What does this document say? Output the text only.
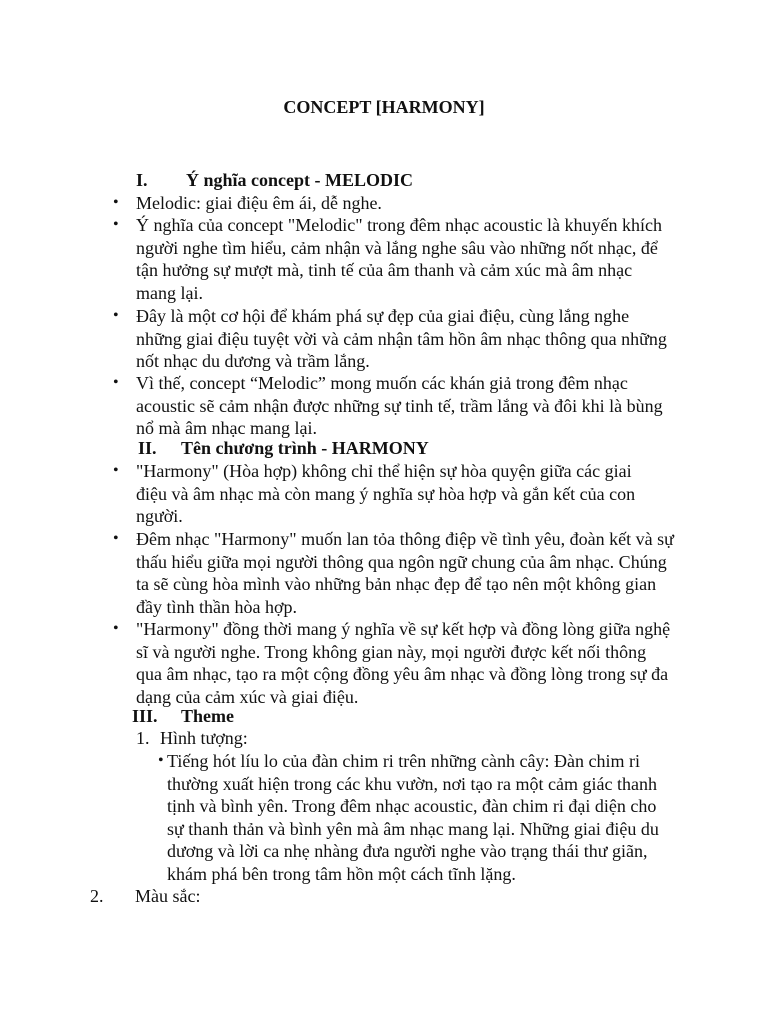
CONCEPT [HARMONY]
I. Ý nghĩa concept - MELODIC
• Melodic: giai điệu êm ái, dễ nghe.
• Ý nghĩa của concept "Melodic" trong đêm nhạc acoustic là khuyến khích người nghe tìm hiểu, cảm nhận và lắng nghe sâu vào những nốt nhạc, để tận hưởng sự mượt mà, tinh tế của âm thanh và cảm xúc mà âm nhạc mang lại.
• Đây là một cơ hội để khám phá sự đẹp của giai điệu, cùng lắng nghe những giai điệu tuyệt vời và cảm nhận tâm hồn âm nhạc thông qua những nốt nhạc du dương và trầm lắng.
• Vì thế, concept “Melodic” mong muốn các khán giả trong đêm nhạc acoustic sẽ cảm nhận được những sự tinh tế, trầm lắng và đôi khi là bùng nổ mà âm nhạc mang lại.
II. Tên chương trình - HARMONY
• "Harmony" (Hòa hợp) không chỉ thể hiện sự hòa quyện giữa các giai điệu và âm nhạc mà còn mang ý nghĩa sự hòa hợp và gắn kết của con người.
• Đêm nhạc "Harmony" muốn lan tỏa thông điệp về tình yêu, đoàn kết và sự thấu hiểu giữa mọi người thông qua ngôn ngữ chung của âm nhạc. Chúng ta sẽ cùng hòa mình vào những bản nhạc đẹp để tạo nên một không gian đầy tình thần hòa hợp.
• "Harmony" đồng thời mang ý nghĩa về sự kết hợp và đồng lòng giữa nghệ sĩ và người nghe. Trong không gian này, mọi người được kết nối thông qua âm nhạc, tạo ra một cộng đồng yêu âm nhạc và đồng lòng trong sự đa dạng của cảm xúc và giai điệu.
III. Theme
1. Hình tượng:
• Tiếng hót líu lo của đàn chim ri trên những cành cây: Đàn chim ri thường xuất hiện trong các khu vườn, nơi tạo ra một cảm giác thanh tịnh và bình yên. Trong đêm nhạc acoustic, đàn chim ri đại diện cho sự thanh thản và bình yên mà âm nhạc mang lại. Những giai điệu du dương và lời ca nhẹ nhàng đưa người nghe vào trạng thái thư giãn, khám phá bên trong tâm hồn một cách tĩnh lặng.
2. Màu sắc:
